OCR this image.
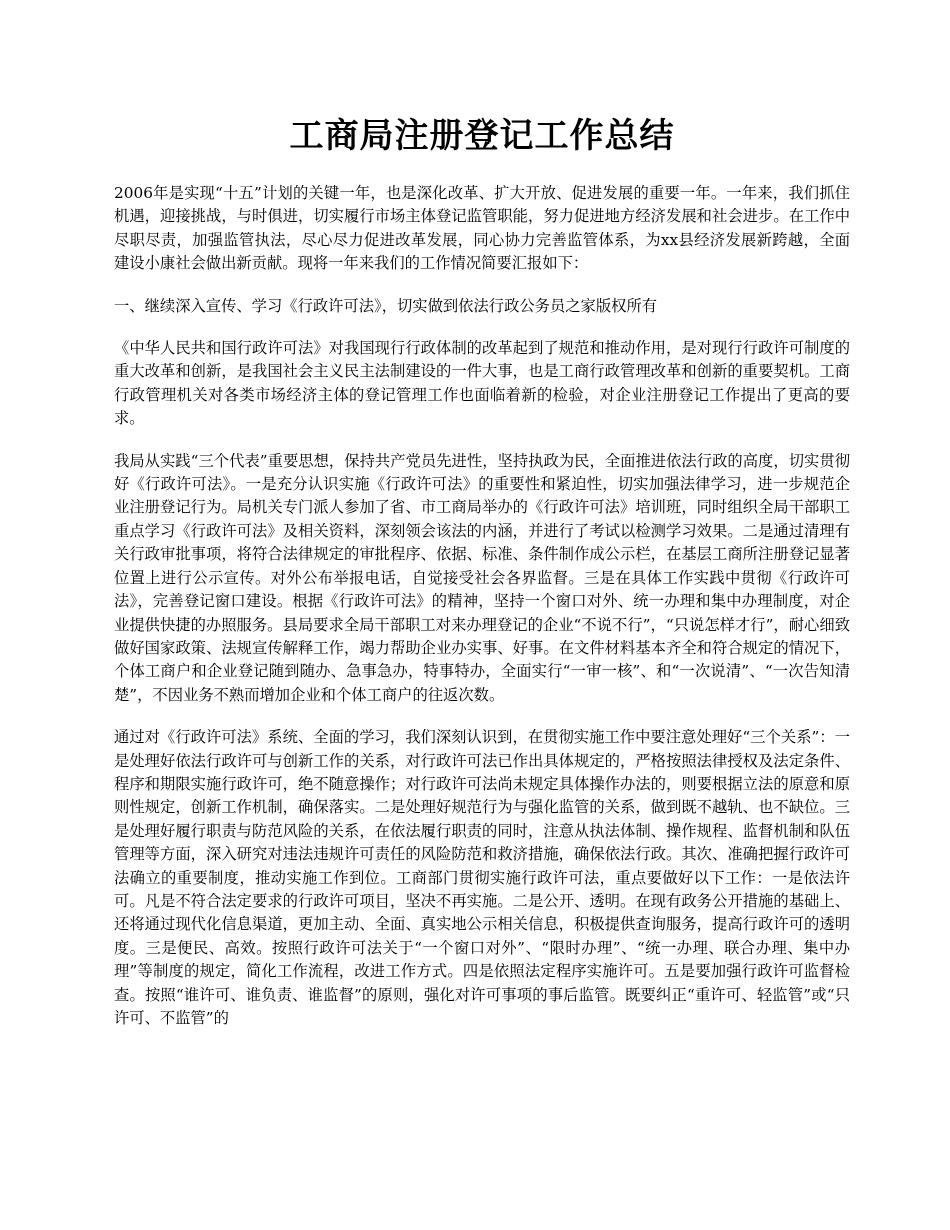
工商局注册登记工作总结

2006年是实现“十五”计划的关键一年，也是深化改革、扩大开放、促进发展的重要一年。一年来，我们抓住机遇，迎接挑战，与时俱进，切实履行市场主体登记监管职能，努力促进地方经济发展和社会进步。在工作中尽职尽责，加强监管执法，尽心尽力促进改革发展，同心协力完善监管体系，为xx县经济发展新跨越，全面建设小康社会做出新贡献。现将一年来我们的工作情况简要汇报如下：

一、继续深入宣传、学习《行政许可法》，切实做到依法行政公务员之家版权所有

《中华人民共和国行政许可法》对我国现行行政体制的改革起到了规范和推动作用，是对现行行政许可制度的重大改革和创新，是我国社会主义民主法制建设的一件大事，也是工商行政管理改革和创新的重要契机。工商行政管理机关对各类市场经济主体的登记管理工作也面临着新的检验，对企业注册登记工作提出了更高的要求。

我局从实践“三个代表”重要思想，保持共产党员先进性，坚持执政为民，全面推进依法行政的高度，切实贯彻好《行政许可法》。一是充分认识实施《行政许可法》的重要性和紧迫性，切实加强法律学习，进一步规范企业注册登记行为。局机关专门派人参加了省、市工商局举办的《行政许可法》培训班，同时组织全局干部职工重点学习《行政许可法》及相关资料，深刻领会该法的内涵，并进行了考试以检测学习效果。二是通过清理有关行政审批事项，将符合法律规定的审批程序、依据、标准、条件制作成公示栏，在基层工商所注册登记显著位置上进行公示宣传。对外公布举报电话，自觉接受社会各界监督。三是在具体工作实践中贯彻《行政许可法》，完善登记窗口建设。根据《行政许可法》的精神，坚持一个窗口对外、统一办理和集中办理制度，对企业提供快捷的办照服务。县局要求全局干部职工对来办理登记的企业“不说不行”，“只说怎样才行”，耐心细致做好国家政策、法规宣传解释工作，竭力帮助企业办实事、好事。在文件材料基本齐全和符合规定的情况下，个体工商户和企业登记随到随办、急事急办，特事特办，全面实行“一审一核”、和“一次说清”、“一次告知清楚”，不因业务不熟而增加企业和个体工商户的往返次数。

通过对《行政许可法》系统、全面的学习，我们深刻认识到，在贯彻实施工作中要注意处理好“三个关系”：一是处理好依法行政许可与创新工作的关系，对行政许可法已作出具体规定的，严格按照法律授权及法定条件、程序和期限实施行政许可，绝不随意操作；对行政许可法尚未规定具体操作办法的，则要根据立法的原意和原则性规定，创新工作机制，确保落实。二是处理好规范行为与强化监管的关系，做到既不越轨、也不缺位。三是处理好履行职责与防范风险的关系，在依法履行职责的同时，注意从执法体制、操作规程、监督机制和队伍管理等方面，深入研究对违法违规许可责任的风险防范和救济措施，确保依法行政。其次、准确把握行政许可法确立的重要制度，推动实施工作到位。工商部门贯彻实施行政许可法，重点要做好以下工作：一是依法许可。凡是不符合法定要求的行政许可项目，坚决不再实施。二是公开、透明。在现有政务公开措施的基础上、还将通过现代化信息渠道，更加主动、全面、真实地公示相关信息，积极提供查询服务，提高行政许可的透明度。三是便民、高效。按照行政许可法关于“一个窗口对外”、“限时办理”、“统一办理、联合办理、集中办理”等制度的规定，简化工作流程，改进工作方式。四是依照法定程序实施许可。五是要加强行政许可监督检查。按照“谁许可、谁负责、谁监督”的原则，强化对许可事项的事后监管。既要纠正“重许可、轻监管”或“只许可、不监管”的
